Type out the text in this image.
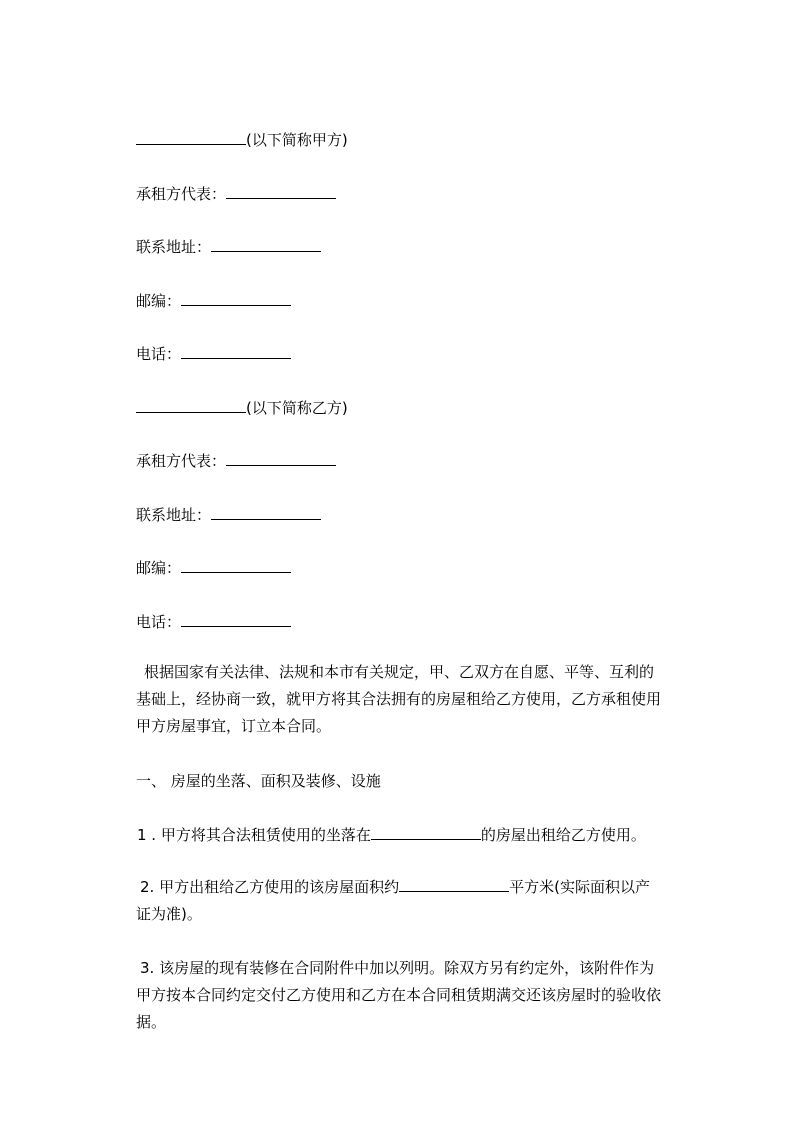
(以下简称甲方)
承租方代表：
联系地址：
邮编：
电话：
(以下简称乙方)
承租方代表：
联系地址：
邮编：
电话：
根据国家有关法律、法规和本市有关规定，甲、乙双方在自愿、平等、互利的基础上，经协商一致，就甲方将其合法拥有的房屋租给乙方使用，乙方承租使用甲方房屋事宜，订立本合同。
一、 房屋的坐落、面积及装修、设施
1 . 甲方将其合法租赁使用的坐落在	的房屋出租给乙方使用。
2. 甲方出租给乙方使用的该房屋面积约	平方米(实际面积以产证为准)。
3. 该房屋的现有装修在合同附件中加以列明。除双方另有约定外，该附件作为甲方按本合同约定交付乙方使用和乙方在本合同租赁期满交还该房屋时的验收依据。
